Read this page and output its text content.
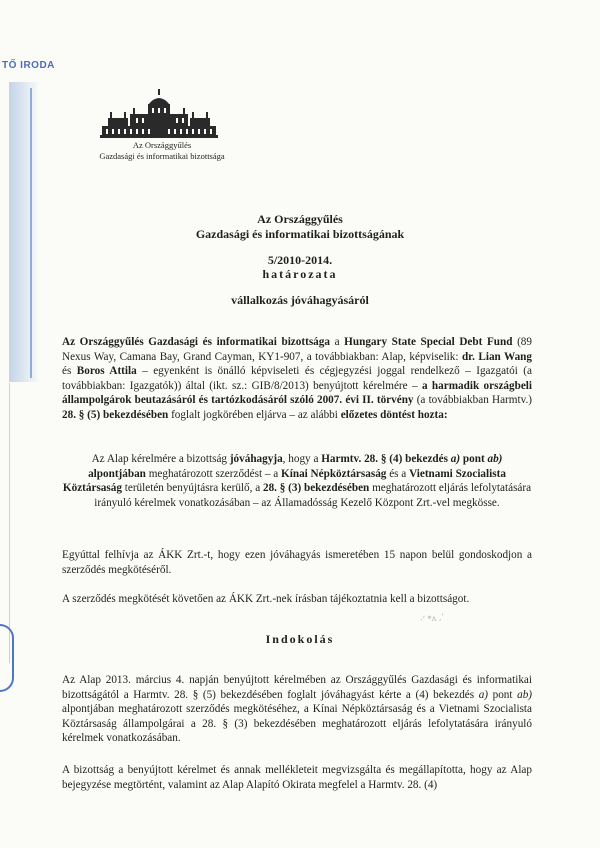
TŐ IRODA
Az Országgyűlés
Gazdasági és informatikai bizottsága
Az Országgyűlés
Gazdasági és informatikai bizottságának
5/2010-2014.
határozata
vállalkozás jóváhagyásáról
Az Országgyűlés Gazdasági és informatikai bizottsága a Hungary State Special Debt Fund (89 Nexus Way, Camana Bay, Grand Cayman, KY1-907, a továbbiakban: Alap, képviselik: dr. Lian Wang és Boros Attila – egyenként is önálló képviseleti és cégjegyzési joggal rendelkező – Igazgatói (a továbbiakban: Igazgatók)) által (ikt. sz.: GIB/8/2013) benyújtott kérelmére – a harmadik országbeli állampolgárok beutazásáról és tartózkodásáról szóló 2007. évi II. törvény (a továbbiakban Harmtv.) 28. § (5) bekezdésében foglalt jogkörében eljárva – az alábbi előzetes döntést hozta:
Az Alap kérelmére a bizottság jóváhagyja, hogy a Harmtv. 28. § (4) bekezdés a) pont ab) alpontjában meghatározott szerződést – a Kínai Népköztársaság és a Vietnami Szocialista Köztársaság területén benyújtásra kerülő, a 28. § (3) bekezdésében meghatározott eljárás lefolytatására irányuló kérelmek vonatkozásában – az Államadósság Kezelő Központ Zrt.-vel megkösse.
Egyúttal felhívja az ÁKK Zrt.-t, hogy ezen jóváhagyás ismeretében 15 napon belül gondoskodjon a szerződés megkötéséről.
A szerződés megkötését követően az ÁKK Zrt.-nek írásban tájékoztatnia kell a bizottságot.
Indokolás
·ʼ *ʌ ,ʼ
Az Alap 2013. március 4. napján benyújtott kérelmében az Országgyűlés Gazdasági és informatikai bizottságától a Harmtv. 28. § (5) bekezdésében foglalt jóváhagyást kérte a (4) bekezdés a) pont ab) alpontjában meghatározott szerződés megkötéséhez, a Kínai Népköztársaság és a Vietnami Szocialista Köztársaság állampolgárai a 28. § (3) bekezdésében meghatározott eljárás lefolytatására irányuló kérelmek vonatkozásában.
A bizottság a benyújtott kérelmet és annak mellékleteit megvizsgálta és megállapította, hogy az Alap bejegyzése megtörtént, valamint az Alap Alapító Okirata megfelel a Harmtv. 28. (4)
